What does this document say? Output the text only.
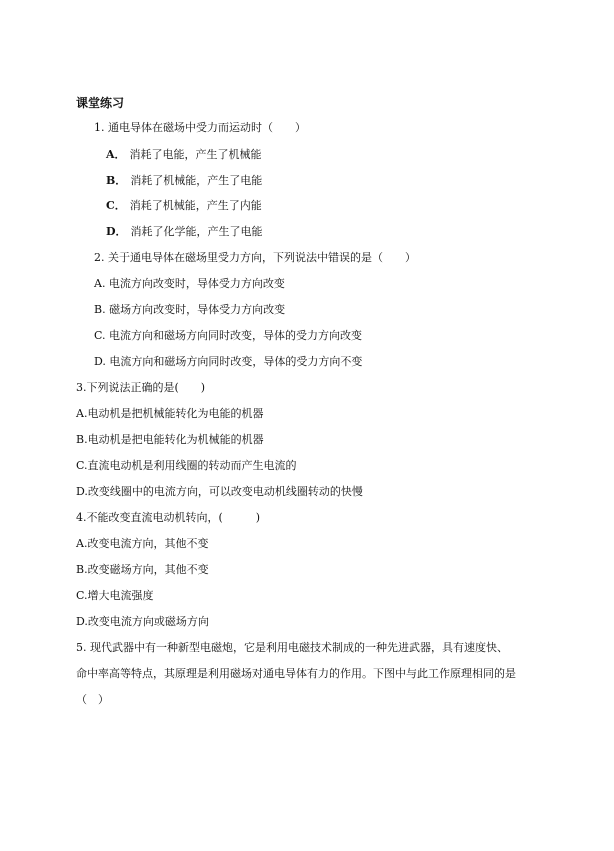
课堂练习
1. 通电导体在磁场中受力而运动时（　　）
A． 消耗了电能，产生了机械能
B． 消耗了机械能，产生了电能
C． 消耗了机械能，产生了内能
D． 消耗了化学能，产生了电能
2. 关于通电导体在磁场里受力方向，下列说法中错误的是（　　）
A. 电流方向改变时，导体受力方向改变
B. 磁场方向改变时，导体受力方向改变
C. 电流方向和磁场方向同时改变，导体的受力方向改变
D. 电流方向和磁场方向同时改变，导体的受力方向不变
3.下列说法正确的是(　　)
A.电动机是把机械能转化为电能的机器
B.电动机是把电能转化为机械能的机器
C.直流电动机是利用线圈的转动而产生电流的
D.改变线圈中的电流方向，可以改变电动机线圈转动的快慢
4.不能改变直流电动机转向，(　　　)
A.改变电流方向，其他不变
B.改变磁场方向，其他不变
C.增大电流强度
D.改变电流方向或磁场方向
5. 现代武器中有一种新型电磁炮，它是利用电磁技术制成的一种先进武器，具有速度快、
命中率高等特点，其原理是利用磁场对通电导体有力的作用。下图中与此工作原理相同的是
（　）
